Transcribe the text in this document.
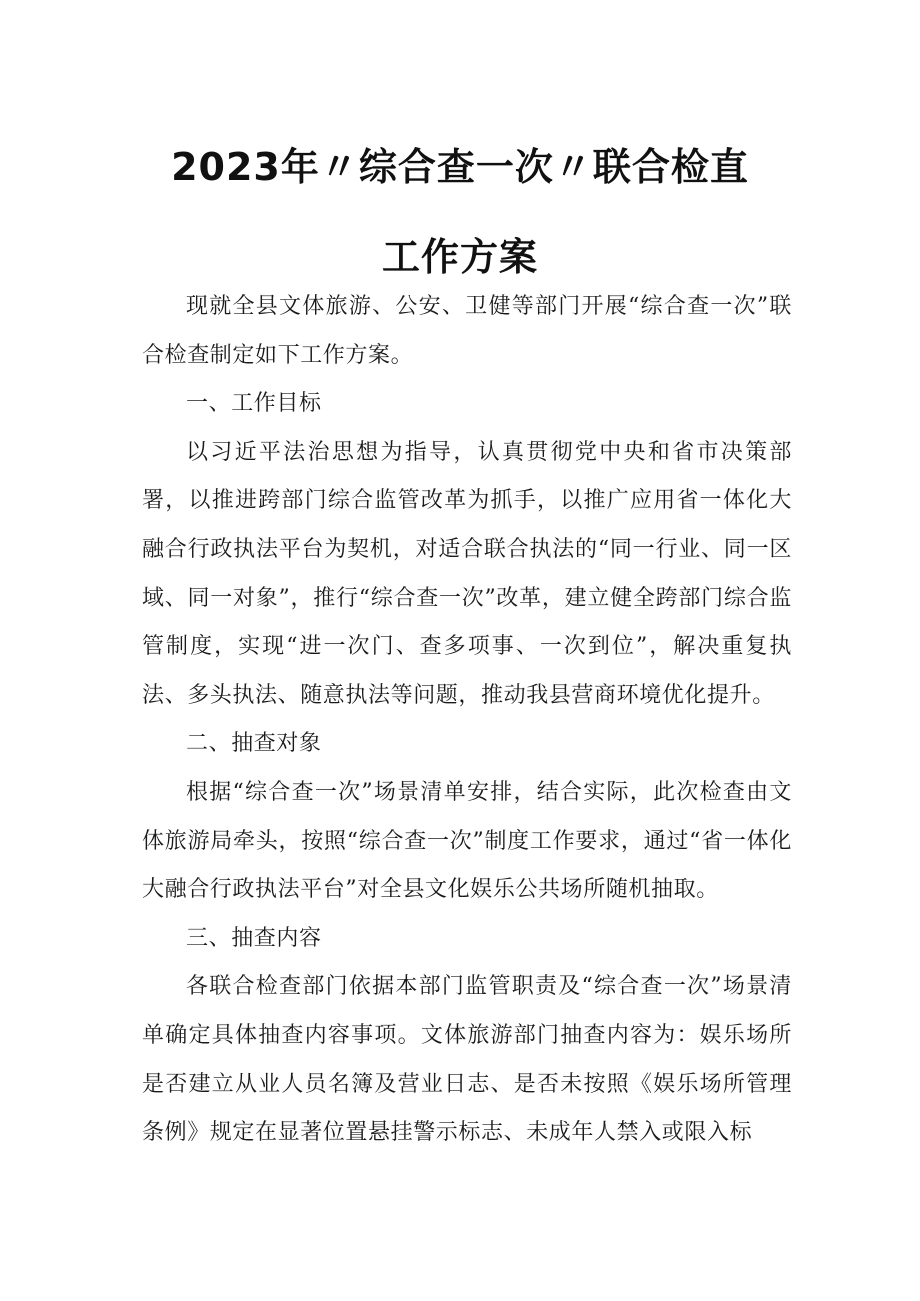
2023年〃综合查一次〃联合检直
工作方案

现就全县文体旅游、公安、卫健等部门开展“综合查一次”联合检查制定如下工作方案。

一、工作目标

以习近平法治思想为指导，认真贯彻党中央和省市决策部署，以推进跨部门综合监管改革为抓手，以推广应用省一体化大融合行政执法平台为契机，对适合联合执法的“同一行业、同一区域、同一对象”，推行“综合查一次”改革，建立健全跨部门综合监管制度，实现“进一次门、查多项事、一次到位”，解决重复执法、多头执法、随意执法等问题，推动我县营商环境优化提升。

二、抽查对象

根据“综合查一次”场景清单安排，结合实际，此次检查由文体旅游局牵头，按照“综合查一次”制度工作要求，通过“省一体化大融合行政执法平台”对全县文化娱乐公共场所随机抽取。

三、抽查内容

各联合检查部门依据本部门监管职责及“综合查一次”场景清单确定具体抽查内容事项。文体旅游部门抽查内容为：娱乐场所是否建立从业人员名簿及营业日志、是否未按照《娱乐场所管理条例》规定在显著位置悬挂警示标志、未成年人禁入或限入标
